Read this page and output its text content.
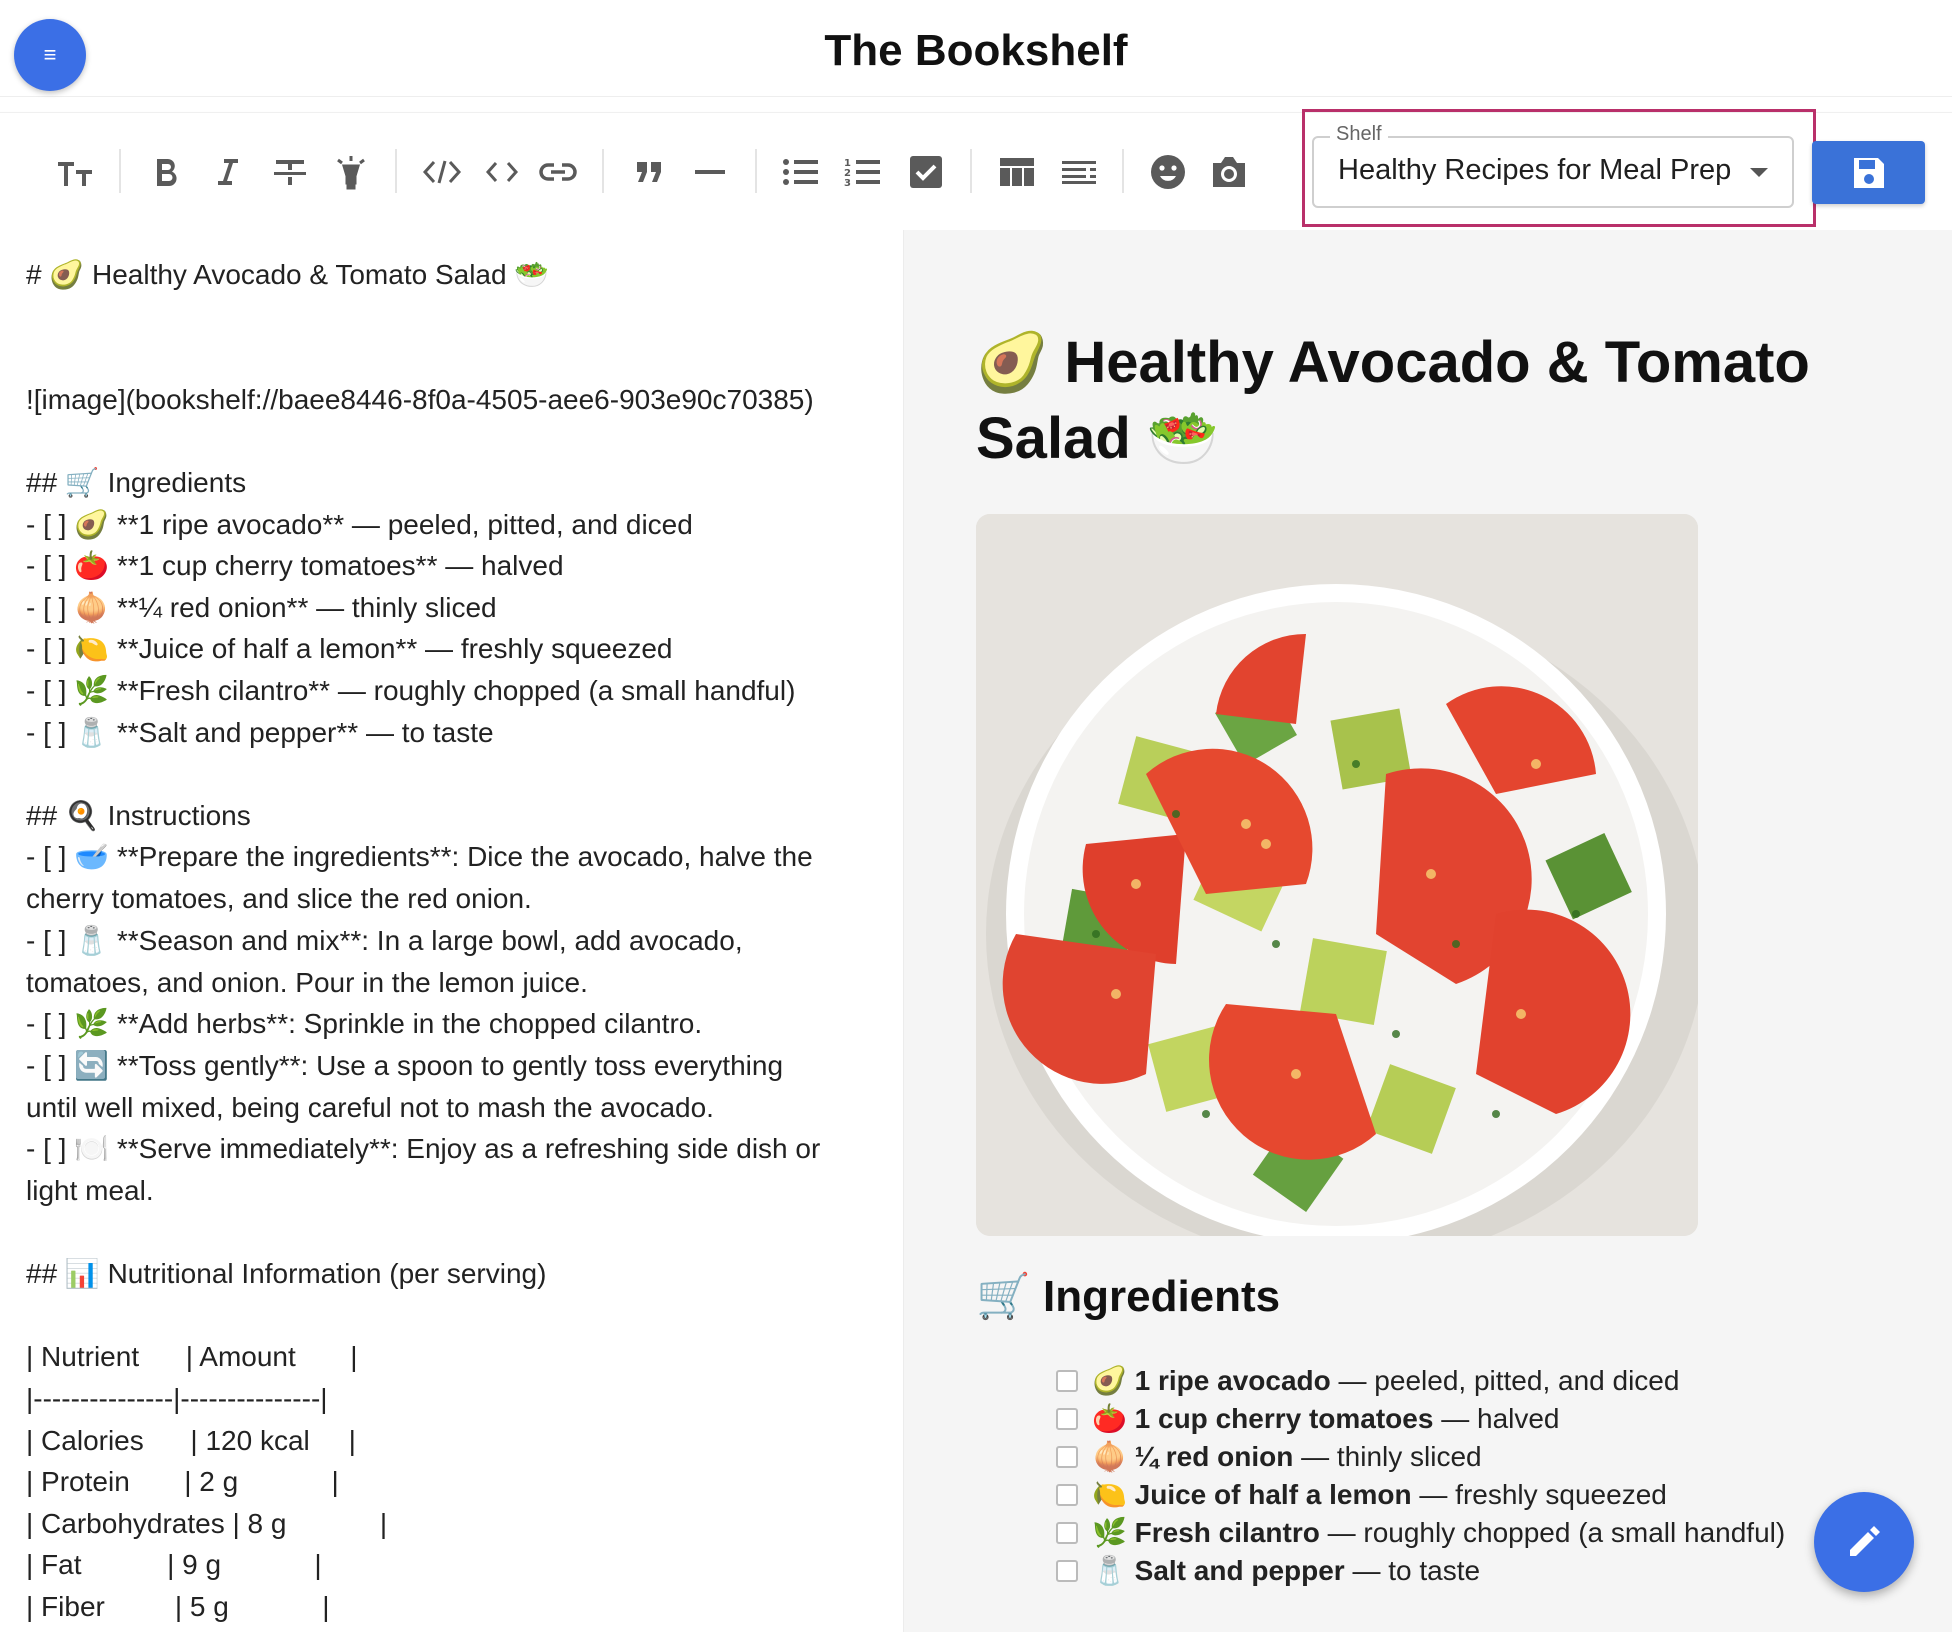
≡	The Bookshelf
1
2
3
Shelf
Healthy Recipes for Meal Prep
# 🥑 Healthy Avocado & Tomato Salad 🥗
![image](bookshelf://baee8446-8f0a-4505-aee6-903e90c70385)
## 🛒 Ingredients
- [ ] 🥑 **1 ripe avocado** — peeled, pitted, and diced
- [ ] 🍅 **1 cup cherry tomatoes** — halved
- [ ] 🧅 **¼ red onion** — thinly sliced
- [ ] 🍋 **Juice of half a lemon** — freshly squeezed
- [ ] 🌿 **Fresh cilantro** — roughly chopped (a small handful)
- [ ] 🧂 **Salt and pepper** — to taste
## 🍳 Instructions
- [ ] 🥣 **Prepare the ingredients**: Dice the avocado, halve the
cherry tomatoes, and slice the red onion.
- [ ] 🧂 **Season and mix**: In a large bowl, add avocado,
tomatoes, and onion. Pour in the lemon juice.
- [ ] 🌿 **Add herbs**: Sprinkle in the chopped cilantro.
- [ ] 🔄 **Toss gently**: Use a spoon to gently toss everything
until well mixed, being careful not to mash the avocado.
- [ ] 🍽️ **Serve immediately**: Enjoy as a refreshing side dish or
light meal.
## 📊 Nutritional Information (per serving)
| Nutrient      | Amount       |
|---------------|---------------|
| Calories      | 120 kcal     |
| Protein       | 2 g            |
| Carbohydrates | 8 g            |
| Fat           | 9 g            |
| Fiber         | 5 g            |
🥑 Healthy Avocado & Tomato Salad 🥗
🛒 Ingredients
🥑 1 ripe avocado — peeled, pitted, and diced
🍅 1 cup cherry tomatoes — halved
🧅 ¼ red onion — thinly sliced
🍋 Juice of half a lemon — freshly squeezed
🌿 Fresh cilantro — roughly chopped (a small handful)
🧂 Salt and pepper — to taste
